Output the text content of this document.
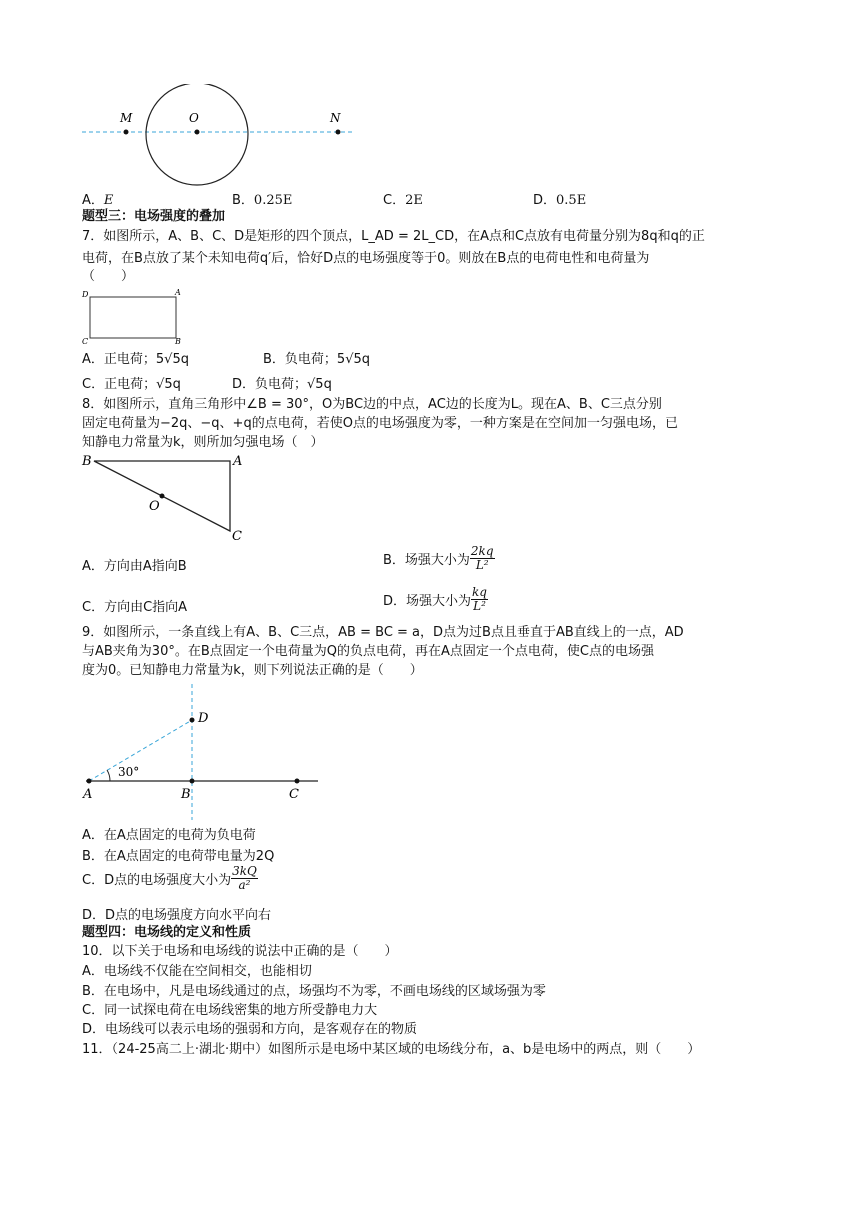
M	O	N
A．E	B．0.25E	C．2E	D．0.5E
题型三：电场强度的叠加
7．如图所示，A、B、C、D是矩形的四个顶点，L_AD = 2L_CD，在A点和C点放有电荷量分别为8q和q的正
电荷，在B点放了某个未知电荷q′后，恰好D点的电场强度等于0。则放在B点的电荷电性和电荷量为
（　　）
D	A
C	B
A．正电荷；5√5q	B．负电荷；5√5q
C．正电荷；√5q	D．负电荷；√5q
8．如图所示，直角三角形中∠B = 30°，O为BC边的中点，AC边的长度为L。现在A、B、C三点分别
固定电荷量为−2q、−q、+q的点电荷，若使O点的电场强度为零，一种方案是在空间加一匀强电场，已
知静电力常量为k，则所加匀强电场（　）
B	A
O
C
A．方向由A指向B	B．场强大小为 $\frac{2kq}{\text{L²}}$
C．方向由C指向A	D．场强大小为 $\frac{kq}{\text{L²}}$
9．如图所示，一条直线上有A、B、C三点，AB = BC = a，D点为过B点且垂直于AB直线上的一点，AD
与AB夹角为30°。在B点固定一个电荷量为Q的负点电荷，再在A点固定一个点电荷，使C点的电场强
度为0。已知静电力常量为k，则下列说法正确的是（　　）
D
30°
A	B	C
A．在A点固定的电荷为负电荷
B．在A点固定的电荷带电量为2Q
C．D点的电场强度大小为 $\frac{3kQ}{\text{a²}}$
D．D点的电场强度方向水平向右
题型四：电场线的定义和性质
10．以下关于电场和电场线的说法中正确的是（　　）
A．电场线不仅能在空间相交，也能相切
B．在电场中，凡是电场线通过的点，场强均不为零，不画电场线的区域场强为零
C．同一试探电荷在电场线密集的地方所受静电力大
D．电场线可以表示电场的强弱和方向，是客观存在的物质
11．（24-25高二上·湖北·期中）如图所示是电场中某区域的电场线分布，a、b是电场中的两点，则（　　）
